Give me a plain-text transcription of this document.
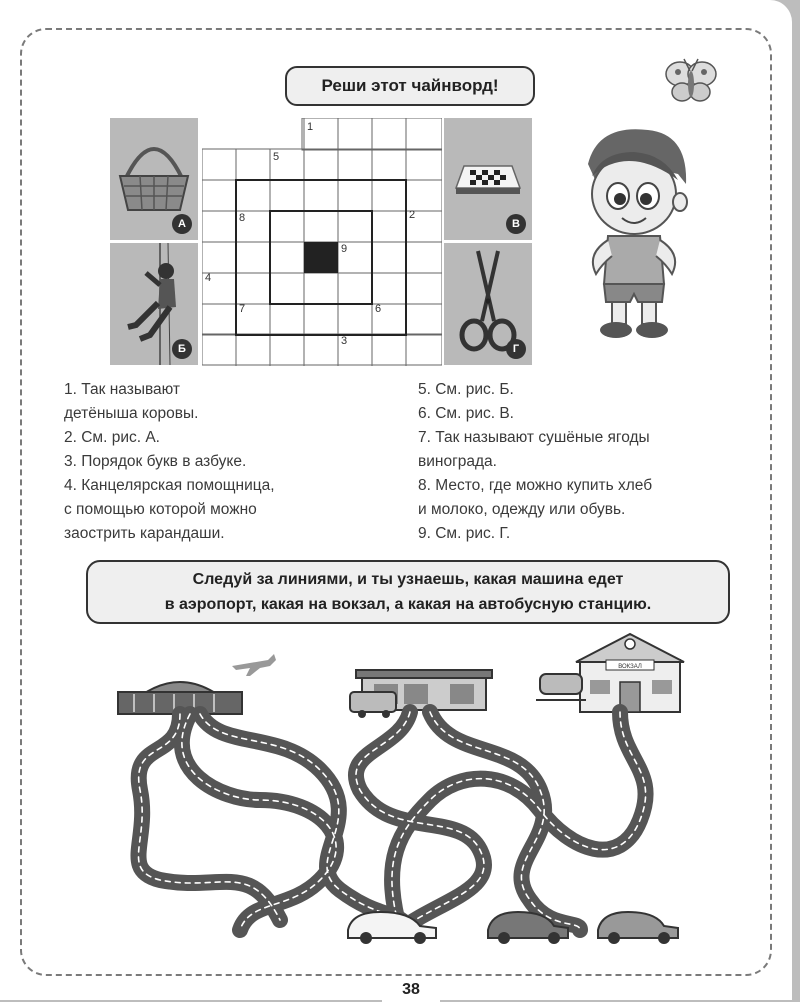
Реши этот чайнворд!
А
Б
В
Г
1
2
3
4
5
6
7
8
9
1. Так называют
детёныша коровы.
2. См. рис. А.
3. Порядок букв в азбуке.
4. Канцелярская помощница,
с помощью которой можно
заострить карандаши.
5. См. рис. Б.
6. См. рис. В.
7. Так называют сушёные ягоды
винограда.
8. Место, где можно купить хлеб
и молоко, одежду или обувь.
9. См. рис. Г.
Следуй за линиями, и ты узнаешь, какая машина едет
в аэропорт, какая на вокзал, а какая на автобусную станцию.
ВОКЗАЛ
38
